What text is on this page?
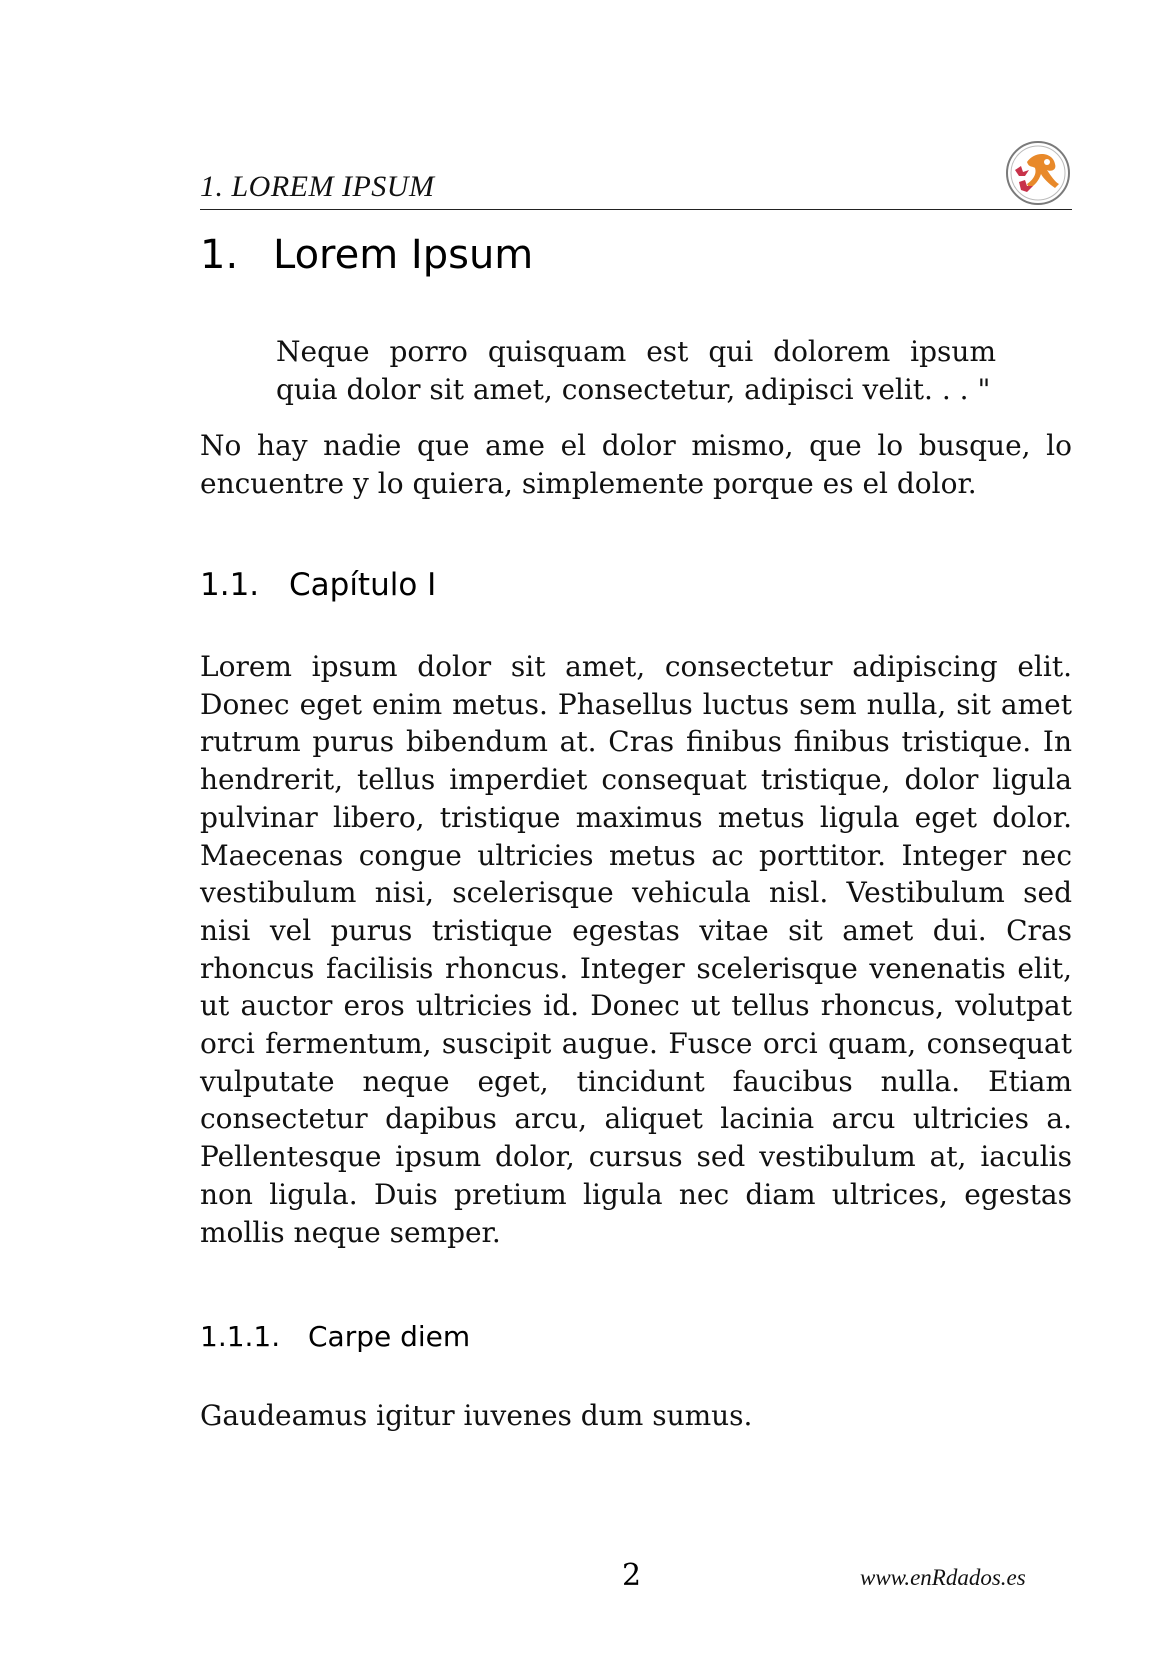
1. LOREM IPSUM
1. Lorem Ipsum
Neque porro quisquam est qui dolorem ipsum quia dolor sit amet, consectetur, adipisci velit. . . "
No hay nadie que ame el dolor mismo, que lo busque, lo encuentre y lo quiera, simplemente porque es el dolor.
1.1. Capítulo I
Lorem ipsum dolor sit amet, consectetur adipiscing elit. Donec eget enim metus. Phasellus luctus sem nulla, sit amet rutrum purus bibendum at. Cras finibus finibus tristique. In hendrerit, tellus imperdiet consequat tristique, dolor ligula pulvinar libero, tristique maximus metus ligula eget dolor. Maecenas congue ultricies metus ac porttitor. Integer nec vestibulum nisi, scelerisque vehicula nisl. Vestibulum sed nisi vel purus tristique egestas vitae sit amet dui. Cras rhoncus facilisis rhoncus. Integer scelerisque venenatis elit, ut auctor eros ultricies id. Donec ut tellus rhoncus, volutpat orci fermentum, suscipit augue. Fusce orci quam, consequat vulputate neque eget, tincidunt faucibus nulla. Etiam consectetur dapibus arcu, aliquet lacinia arcu ultricies a. Pellentesque ipsum dolor, cursus sed vestibulum at, iaculis non ligula. Duis pretium ligula nec diam ultrices, egestas mollis neque semper.
1.1.1. Carpe diem
Gaudeamus igitur iuvenes dum sumus.
2	www.enRdados.es
